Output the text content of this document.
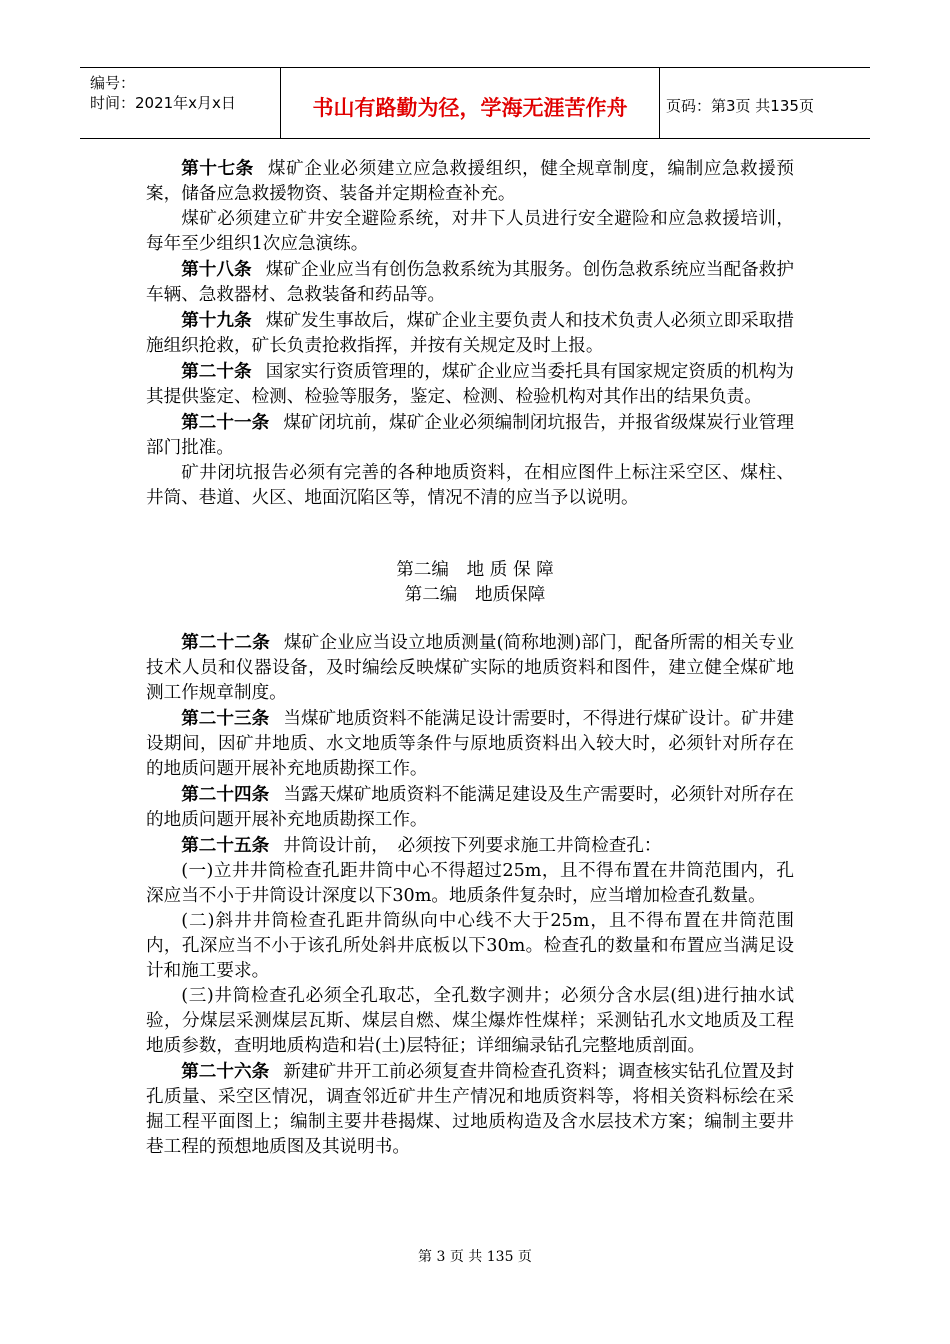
编号：
时间：2021年x月x日	书山有路勤为径，学海无涯苦作舟	页码：第3页 共135页

第十七条 煤矿企业必须建立应急救援组织，健全规章制度，编制应急救援预案，储备应急救援物资、装备并定期检查补充。

煤矿必须建立矿井安全避险系统，对井下人员进行安全避险和应急救援培训，每年至少组织1次应急演练。

第十八条 煤矿企业应当有创伤急救系统为其服务。创伤急救系统应当配备救护车辆、急救器材、急救装备和药品等。

第十九条 煤矿发生事故后，煤矿企业主要负责人和技术负责人必须立即采取措施组织抢救，矿长负责抢救指挥，并按有关规定及时上报。

第二十条 国家实行资质管理的，煤矿企业应当委托具有国家规定资质的机构为其提供鉴定、检测、检验等服务，鉴定、检测、检验机构对其作出的结果负责。

第二十一条 煤矿闭坑前，煤矿企业必须编制闭坑报告，并报省级煤炭行业管理部门批准。

矿井闭坑报告必须有完善的各种地质资料，在相应图件上标注采空区、煤柱、井筒、巷道、火区、地面沉陷区等，情况不清的应当予以说明。

第二编　地 质 保 障
第二编　地质保障

第二十二条 煤矿企业应当设立地质测量(简称地测)部门，配备所需的相关专业技术人员和仪器设备，及时编绘反映煤矿实际的地质资料和图件，建立健全煤矿地测工作规章制度。

第二十三条 当煤矿地质资料不能满足设计需要时，不得进行煤矿设计。矿井建设期间，因矿井地质、水文地质等条件与原地质资料出入较大时，必须针对所存在的地质问题开展补充地质勘探工作。

第二十四条 当露天煤矿地质资料不能满足建设及生产需要时，必须针对所存在的地质问题开展补充地质勘探工作。

第二十五条 井筒设计前，　必须按下列要求施工井筒检查孔：

(一)立井井筒检查孔距井筒中心不得超过25m，且不得布置在井筒范围内，孔深应当不小于井筒设计深度以下30m。地质条件复杂时，应当增加检查孔数量。

(二)斜井井筒检查孔距井筒纵向中心线不大于25m，且不得布置在井筒范围内，孔深应当不小于该孔所处斜井底板以下30m。检查孔的数量和布置应当满足设计和施工要求。

(三)井筒检查孔必须全孔取芯，全孔数字测井；必须分含水层(组)进行抽水试验，分煤层采测煤层瓦斯、煤层自燃、煤尘爆炸性煤样；采测钻孔水文地质及工程地质参数，查明地质构造和岩(土)层特征；详细编录钻孔完整地质剖面。

第二十六条 新建矿井开工前必须复查井筒检查孔资料；调查核实钻孔位置及封孔质量、采空区情况，调查邻近矿井生产情况和地质资料等，将相关资料标绘在采掘工程平面图上；编制主要井巷揭煤、过地质构造及含水层技术方案；编制主要井巷工程的预想地质图及其说明书。

第 3 页 共 135 页
